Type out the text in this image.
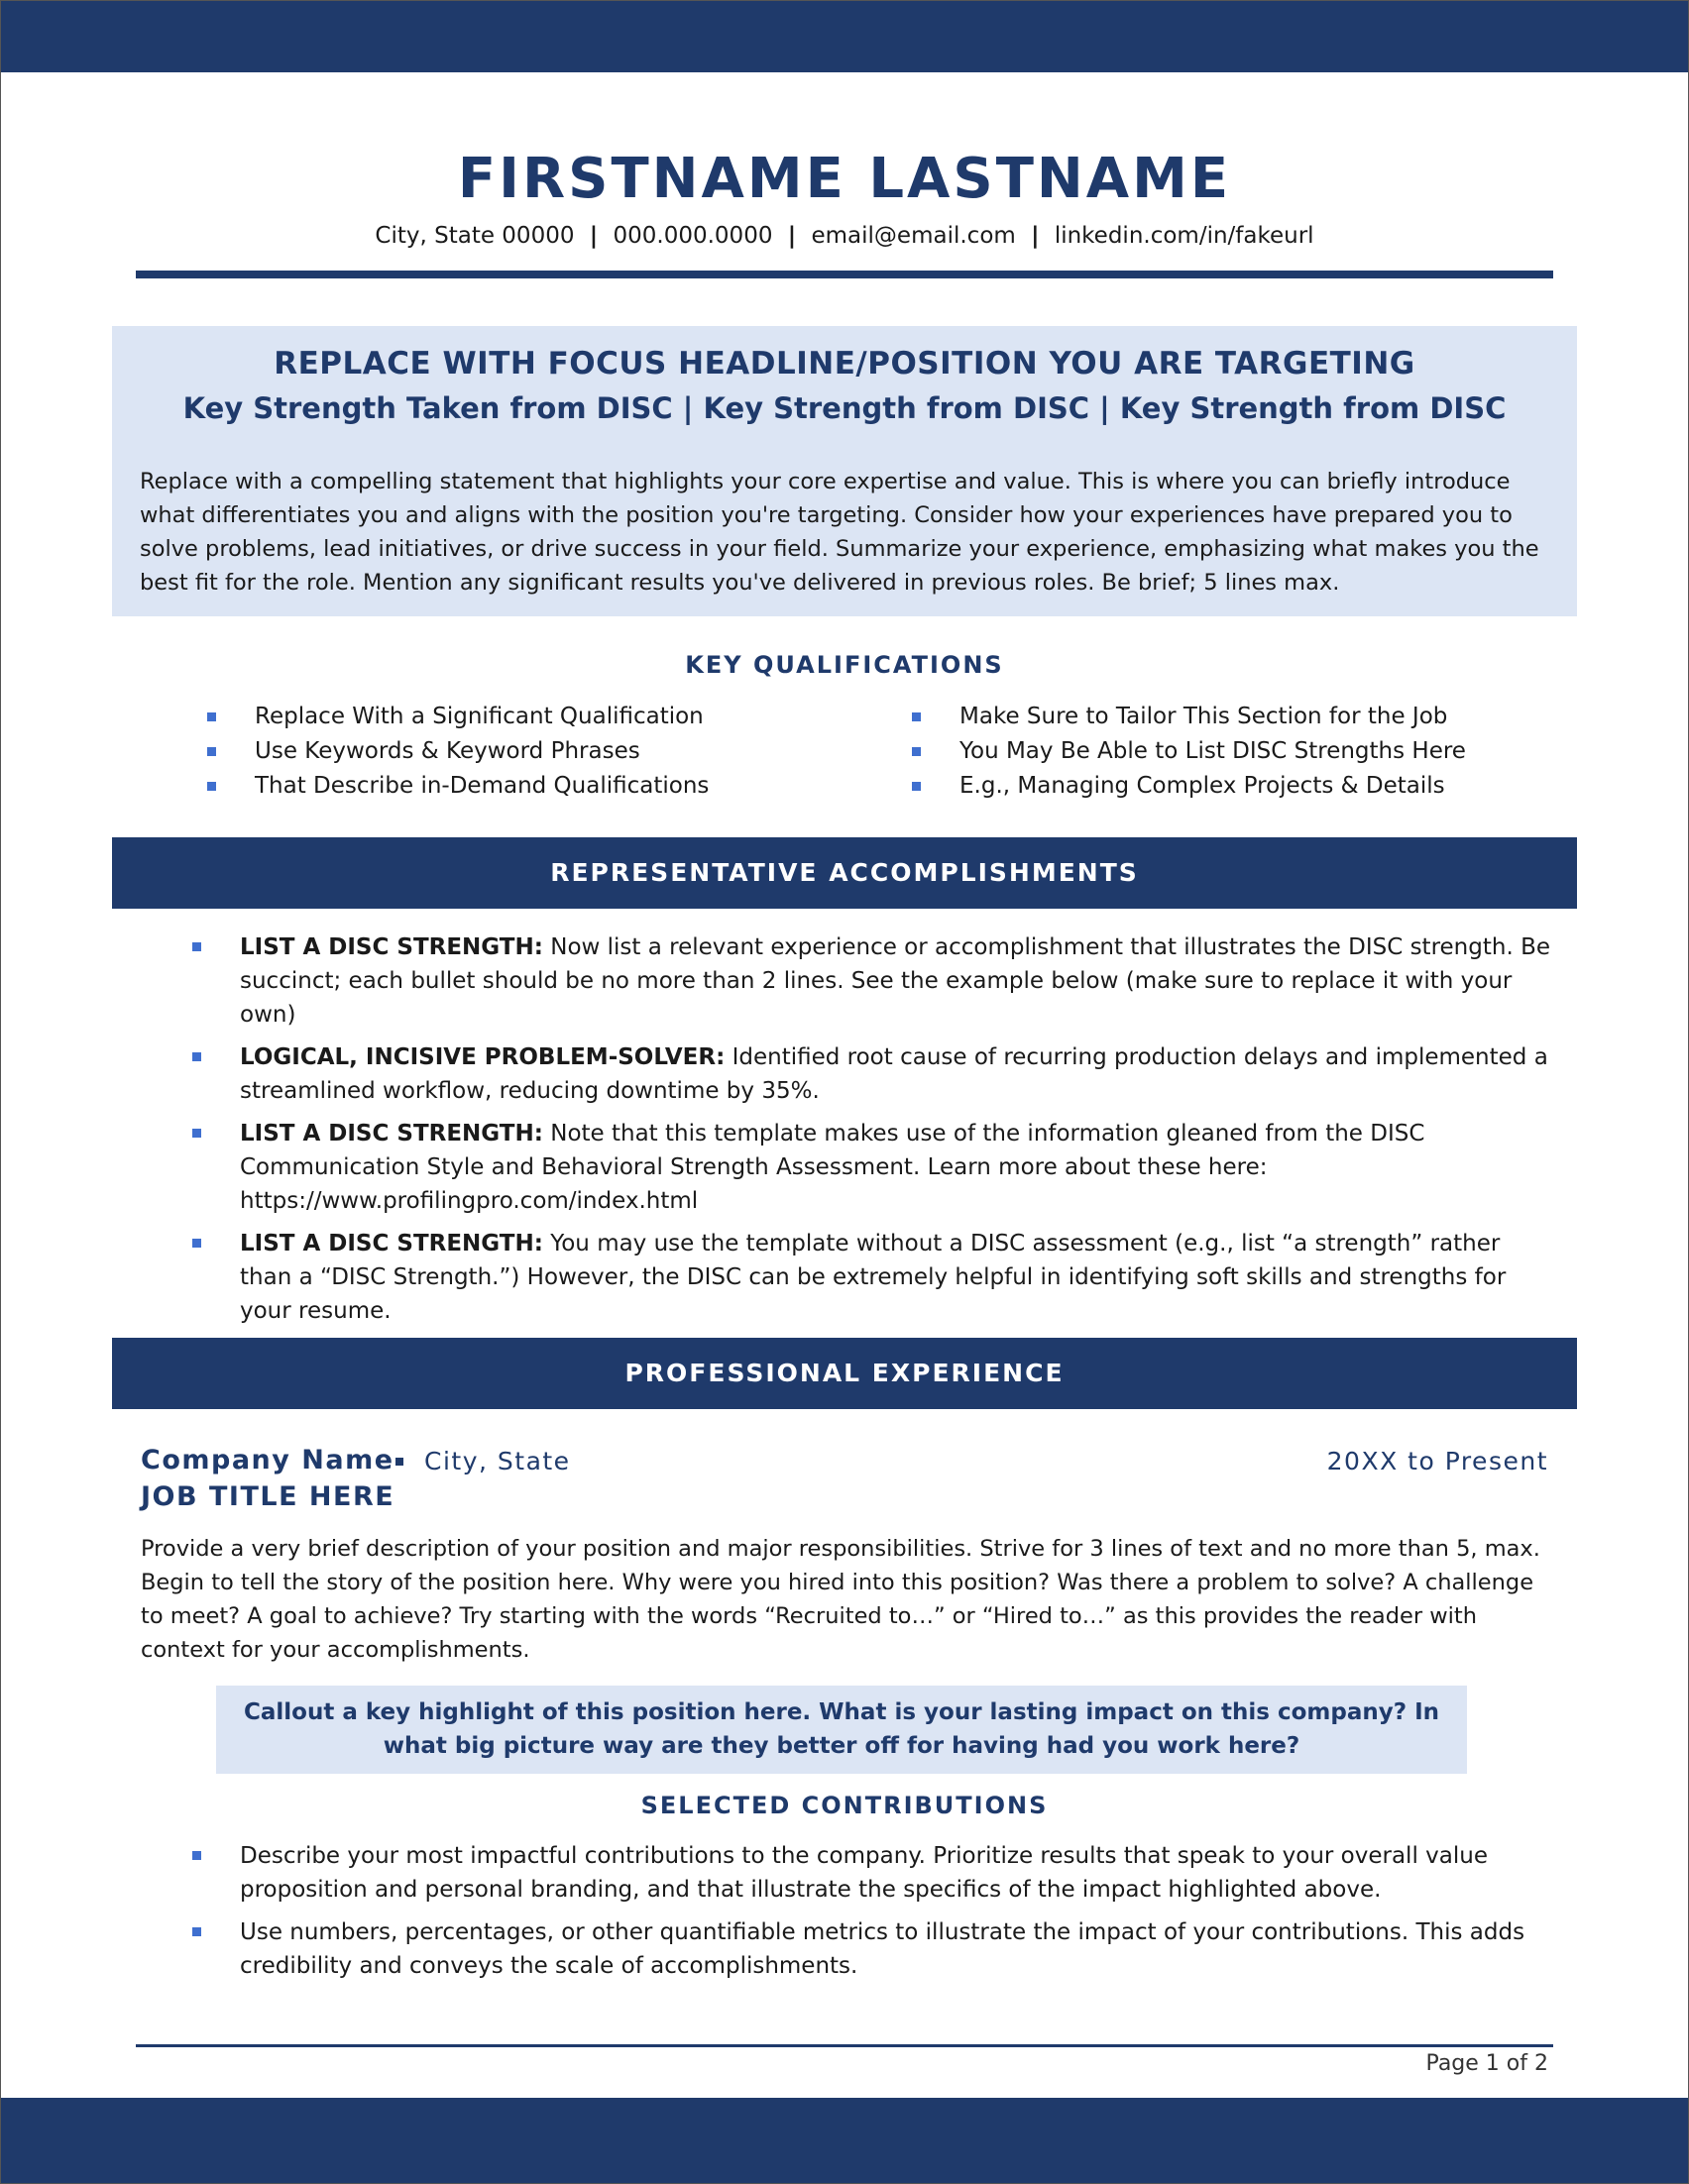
FIRSTNAME LASTNAME
City, State 00000 | 000.000.0000 | email@email.com | linkedin.com/in/fakeurl
REPLACE WITH FOCUS HEADLINE/POSITION YOU ARE TARGETING
Key Strength Taken from DISC | Key Strength from DISC | Key Strength from DISC
Replace with a compelling statement that highlights your core expertise and value. This is where you can briefly introduce what differentiates you and aligns with the position you're targeting. Consider how your experiences have prepared you to solve problems, lead initiatives, or drive success in your field. Summarize your experience, emphasizing what makes you the best fit for the role. Mention any significant results you've delivered in previous roles. Be brief; 5 lines max.
KEY QUALIFICATIONS
Replace With a Significant Qualification
Use Keywords & Keyword Phrases
That Describe in-Demand Qualifications
Make Sure to Tailor This Section for the Job
You May Be Able to List DISC Strengths Here
E.g., Managing Complex Projects & Details
REPRESENTATIVE ACCOMPLISHMENTS
LIST A DISC STRENGTH: Now list a relevant experience or accomplishment that illustrates the DISC strength. Be succinct; each bullet should be no more than 2 lines. See the example below (make sure to replace it with your own)
LOGICAL, INCISIVE PROBLEM-SOLVER: Identified root cause of recurring production delays and implemented a streamlined workflow, reducing downtime by 35%.
LIST A DISC STRENGTH: Note that this template makes use of the information gleaned from the DISC Communication Style and Behavioral Strength Assessment. Learn more about these here: https://www.profilingpro.com/index.html
LIST A DISC STRENGTH: You may use the template without a DISC assessment (e.g., list “a strength” rather than a “DISC Strength.”) However, the DISC can be extremely helpful in identifying soft skills and strengths for your resume.
PROFESSIONAL EXPERIENCE
Company Name City, State	20XX to Present
JOB TITLE HERE
Provide a very brief description of your position and major responsibilities. Strive for 3 lines of text and no more than 5, max. Begin to tell the story of the position here. Why were you hired into this position? Was there a problem to solve? A challenge to meet? A goal to achieve? Try starting with the words “Recruited to…” or “Hired to…” as this provides the reader with context for your accomplishments.
Callout a key highlight of this position here. What is your lasting impact on this company? In what big picture way are they better off for having had you work here?
SELECTED CONTRIBUTIONS
Describe your most impactful contributions to the company. Prioritize results that speak to your overall value proposition and personal branding, and that illustrate the specifics of the impact highlighted above.
Use numbers, percentages, or other quantifiable metrics to illustrate the impact of your contributions. This adds credibility and conveys the scale of accomplishments.
Page 1 of 2
